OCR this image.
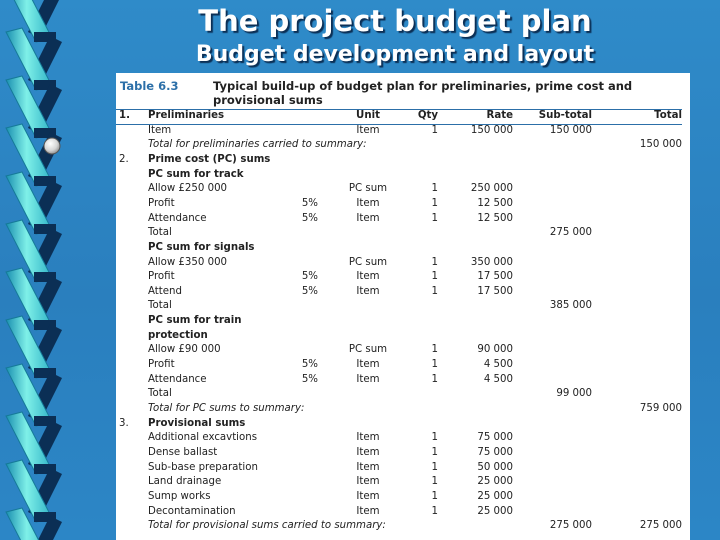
The project budget plan
Budget development and layout
Table 6.3	Typical build-up of budget plan for preliminaries, prime cost and provisional sums
1. Preliminaries	Unit	Qty	Rate	Sub-total	Total
Item	Item	1	150 000	150 000
Total for preliminaries carried to summary:	150 000
2. Prime cost (PC) sums
PC sum for track
Allow £250 000	PC sum	1	250 000
Profit	5%	Item	1	12 500
Attendance	5%	Item	1	12 500
Total	275 000
PC sum for signals
Allow £350 000	PC sum	1	350 000
Profit	5%	Item	1	17 500
Attend	5%	Item	1	17 500
Total	385 000
PC sum for train
protection
Allow £90 000	PC sum	1	90 000
Profit	5%	Item	1	4 500
Attendance	5%	Item	1	4 500
Total	99 000
Total for PC sums to summary:	759 000
3. Provisional sums
Additional excavtions	Item	1	75 000
Dense ballast	Item	1	75 000
Sub-base preparation	Item	1	50 000
Land drainage	Item	1	25 000
Sump works	Item	1	25 000
Decontamination	Item	1	25 000
Total for provisional sums carried to summary:	275 000	275 000
